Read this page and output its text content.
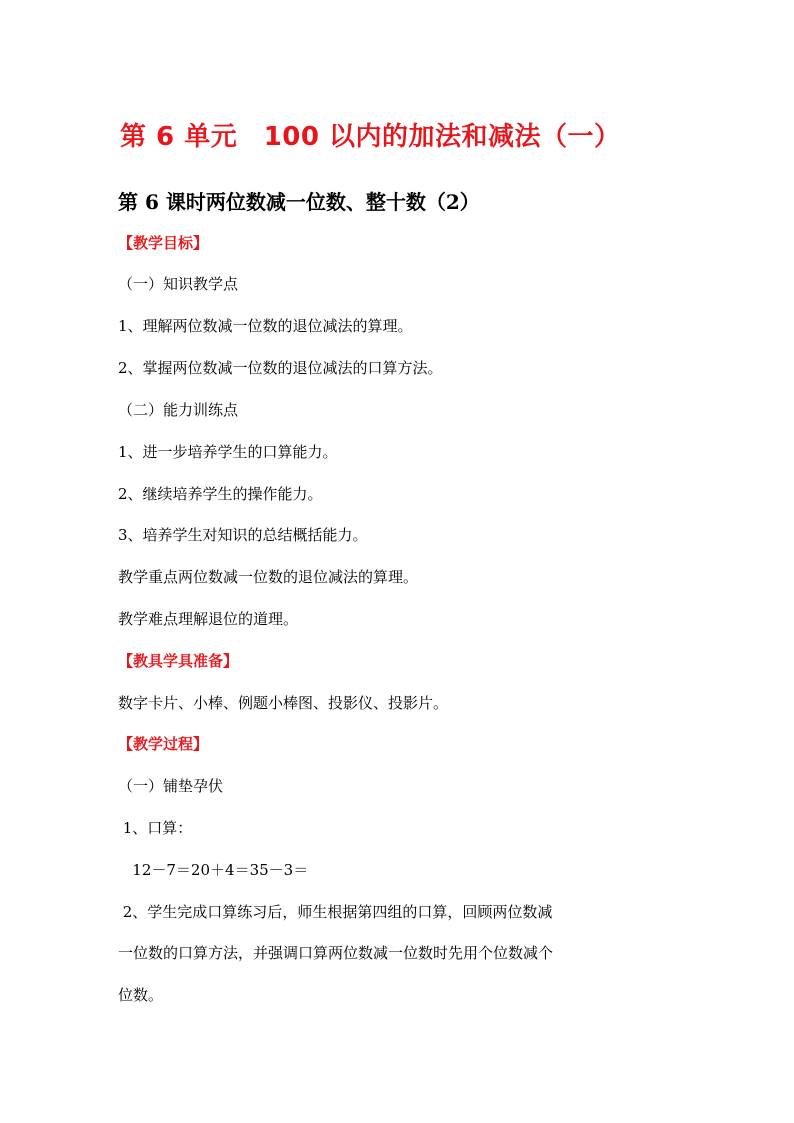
第 6 单元　100 以内的加法和减法（一）
第 6 课时两位数减一位数、整十数（2）
【教学目标】
（一）知识教学点
1、理解两位数减一位数的退位减法的算理。
2、掌握两位数减一位数的退位减法的口算方法。
（二）能力训练点
1、进一步培养学生的口算能力。
2、继续培养学生的操作能力。
3、培养学生对知识的总结概括能力。
教学重点两位数减一位数的退位减法的算理。
教学难点理解退位的道理。
【教具学具准备】
数字卡片、小棒、例题小棒图、投影仪、投影片。
【教学过程】
（一）铺垫孕伏
1、口算：
12－7＝20＋4＝35－3＝
2、学生完成口算练习后，师生根据第四组的口算，回顾两位数减
一位数的口算方法，并强调口算两位数减一位数时先用个位数减个
位数。
